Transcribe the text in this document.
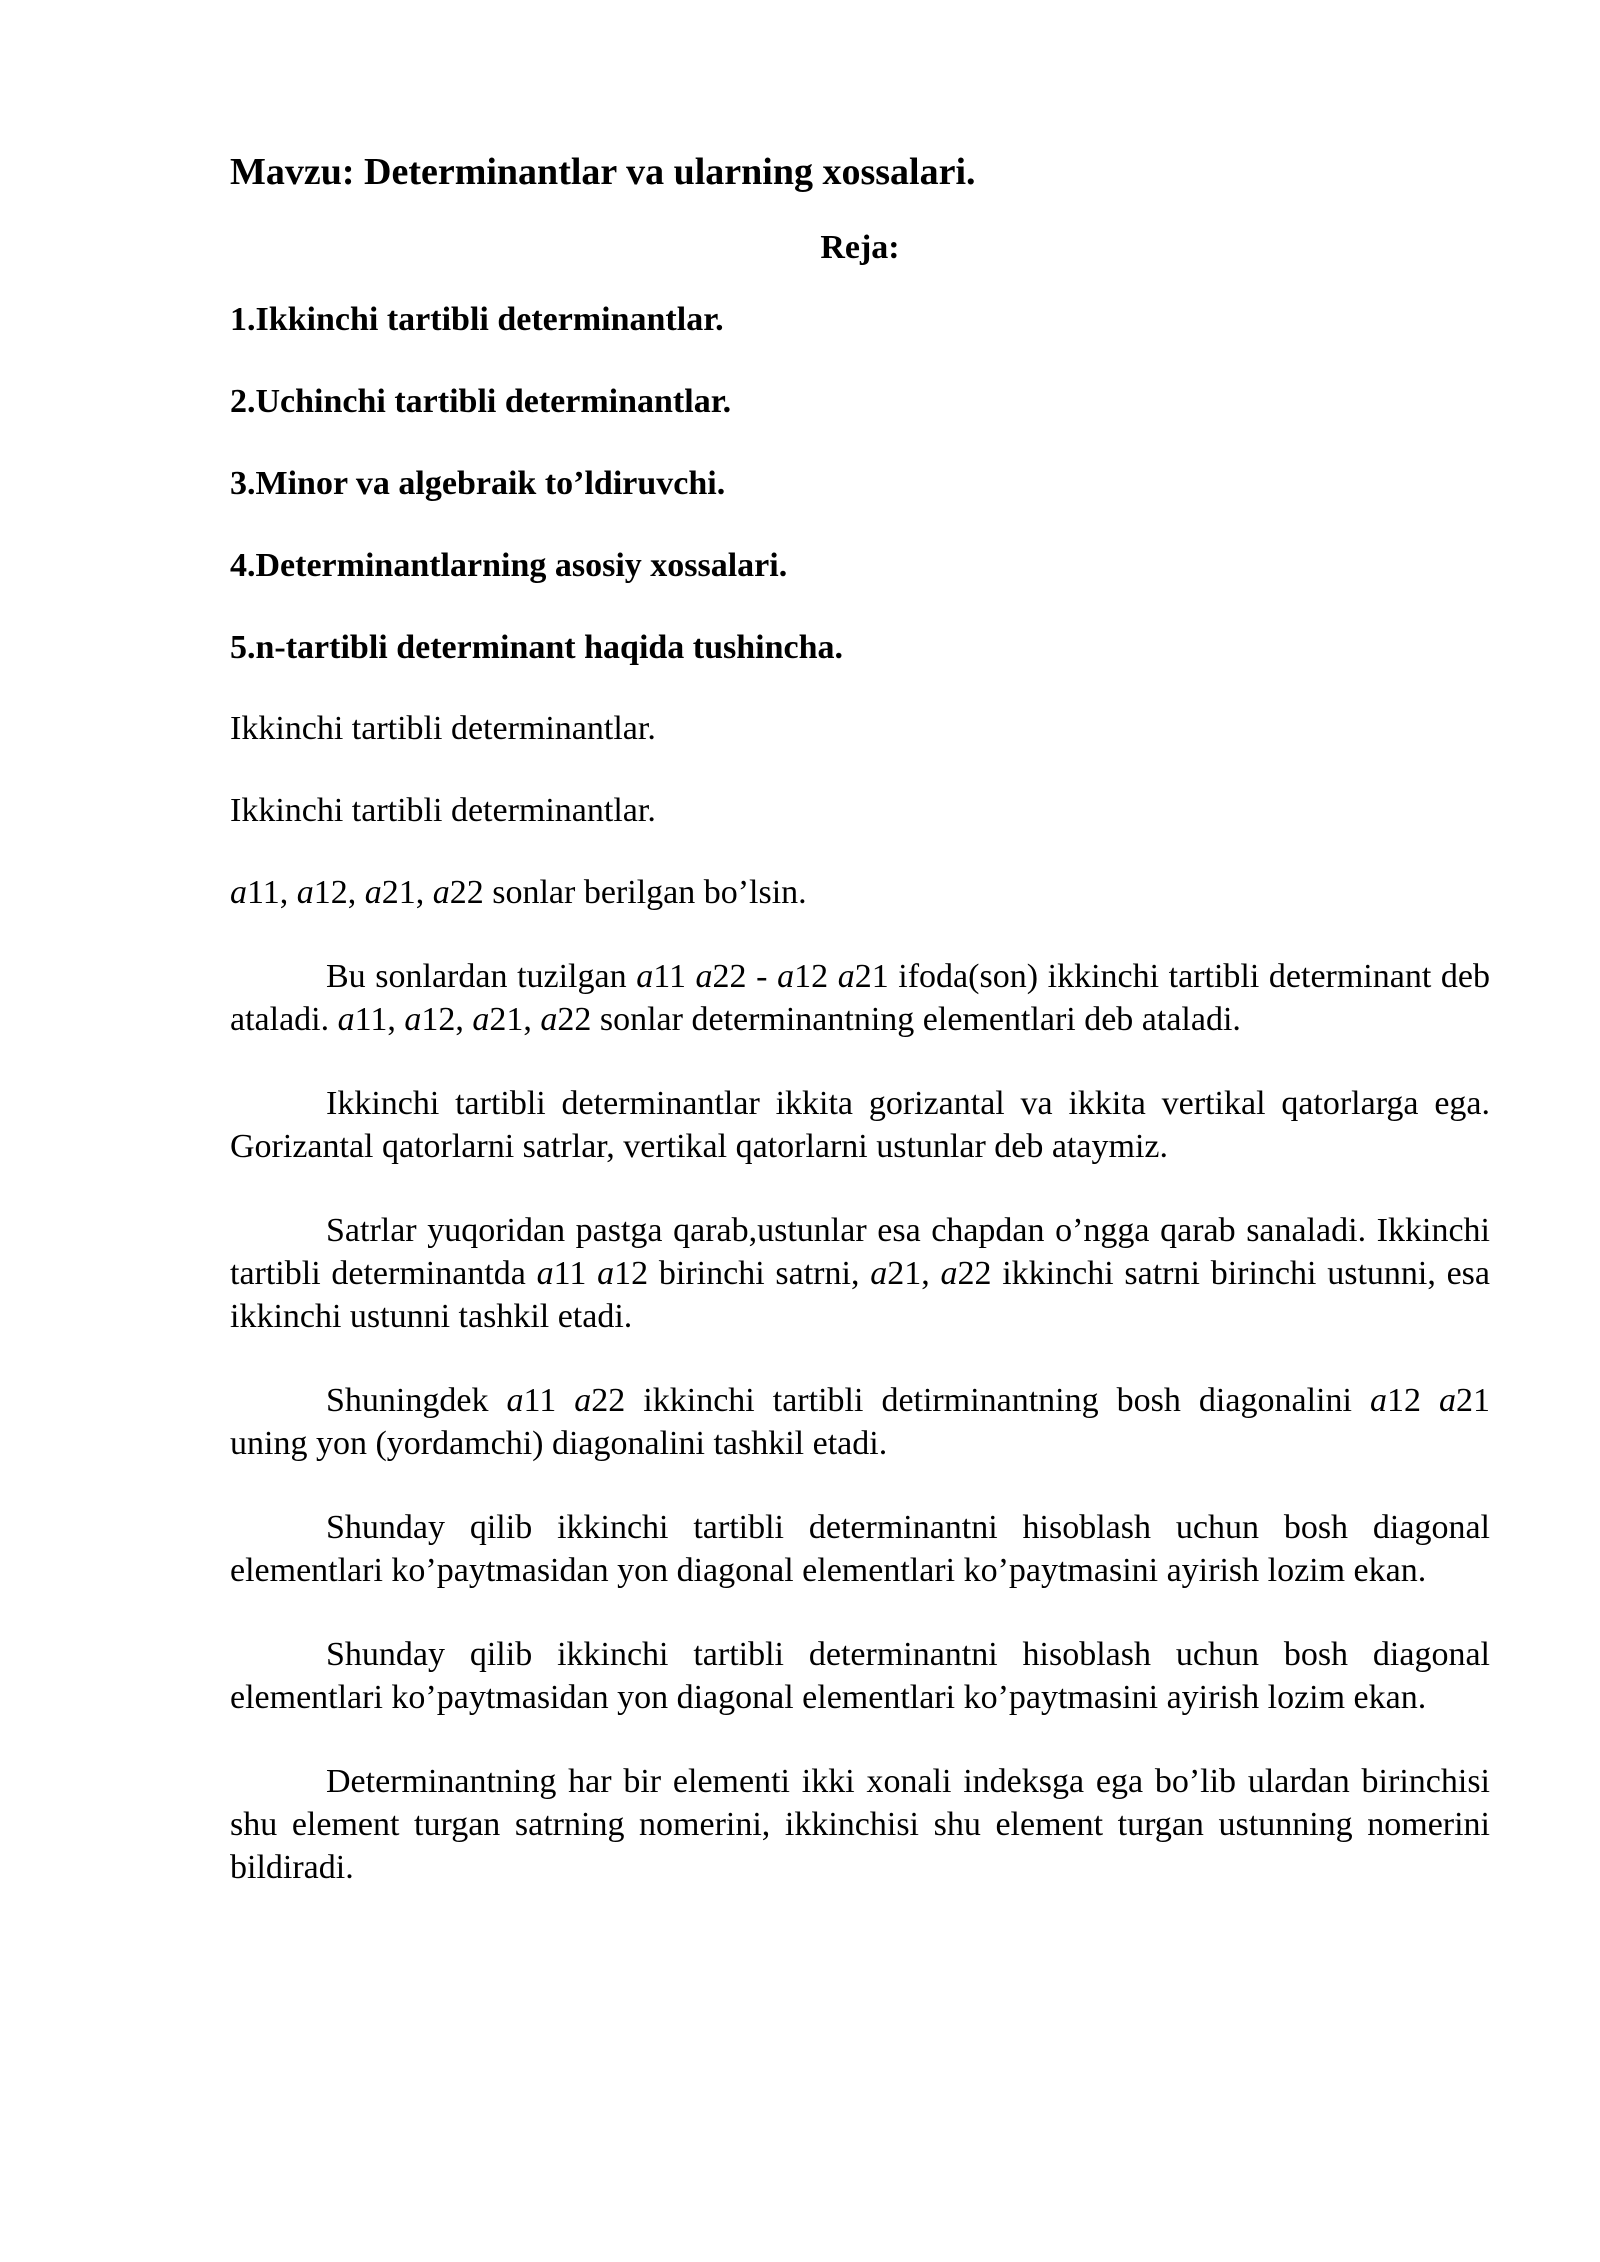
Mavzu: Determinantlar va ularning xossalari.
Reja:
1.Ikkinchi tartibli determinantlar.
2.Uchinchi tartibli determinantlar.
3.Minor va algebraik to’ldiruvchi.
4.Determinantlarning asosiy xossalari.
5.n-tartibli determinant haqida tushincha.
Ikkinchi tartibli determinantlar.
Ikkinchi tartibli determinantlar.
a11, a12, a21, a22 sonlar berilgan bo’lsin.
Bu sonlardan tuzilgan a11 a22 - a12 a21 ifoda(son) ikkinchi tartibli determinant deb ataladi. a11, a12, a21, a22 sonlar determinantning elementlari deb ataladi.
Ikkinchi tartibli determinantlar ikkita gorizantal va ikkita vertikal qatorlarga ega. Gorizantal qatorlarni satrlar, vertikal qatorlarni ustunlar deb ataymiz.
Satrlar yuqoridan pastga qarab,ustunlar esa chapdan o’ngga qarab sanaladi. Ikkinchi tartibli determinantda a11 a12 birinchi satrni, a21, a22 ikkinchi satrni birinchi ustunni, esa ikkinchi ustunni tashkil etadi.
Shuningdek a11 a22 ikkinchi tartibli detirminantning bosh diagonalini a12 a21 uning yon (yordamchi) diagonalini tashkil etadi.
Shunday qilib ikkinchi tartibli determinantni hisoblash uchun bosh diagonal elementlari ko’paytmasidan yon diagonal elementlari ko’paytmasini ayirish lozim ekan.
Shunday qilib ikkinchi tartibli determinantni hisoblash uchun bosh diagonal elementlari ko’paytmasidan yon diagonal elementlari ko’paytmasini ayirish lozim ekan.
Determinantning har bir elementi ikki xonali indeksga ega bo’lib ulardan birinchisi shu element turgan satrning nomerini, ikkinchisi shu element turgan ustunning nomerini bildiradi.
